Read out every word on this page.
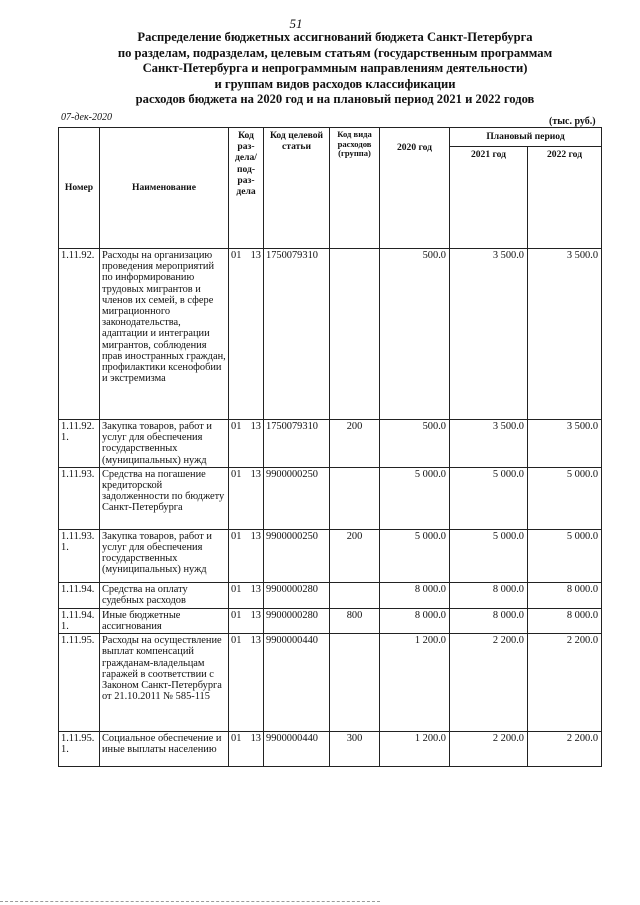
51
Распределение бюджетных ассигнований бюджета Санкт-Петербурга
по разделам, подразделам, целевым статьям (государственным программам
Санкт-Петербурга и непрограммным направлениям деятельности)
и группам видов расходов классификации
расходов бюджета на 2020 год и на плановый период 2021 и 2022 годов
07-дек-2020	(тыс. руб.)
Номер	Наименование	Код раз-дела/ под-раз-дела	Код целевой статьи	Код вида расходов (группа)	2020 год	Плановый период	
						2021 год	2022 год
1.11.92.	Расходы на организацию проведения мероприятий по информированию трудовых мигрантов и членов их семей, в сфере миграционного законодательства, адаптации и интеграции мигрантов, соблюдения прав иностранных граждан, профилактики ксенофобии и экстремизма	01 13	1750079310		500.0	3 500.0	3 500.0
1.11.92. 1.	Закупка товаров, работ и услуг для обеспечения государственных (муниципальных) нужд	01 13	1750079310	200	500.0	3 500.0	3 500.0
1.11.93.	Средства на погашение кредиторской задолженности по бюджету Санкт-Петербурга	01 13	9900000250		5 000.0	5 000.0	5 000.0
1.11.93. 1.	Закупка товаров, работ и услуг для обеспечения государственных (муниципальных) нужд	01 13	9900000250	200	5 000.0	5 000.0	5 000.0
1.11.94.	Средства на оплату судебных расходов	01 13	9900000280		8 000.0	8 000.0	8 000.0
1.11.94. 1.	Иные бюджетные ассигнования	01 13	9900000280	800	8 000.0	8 000.0	8 000.0
1.11.95.	Расходы на осуществление выплат компенсаций гражданам-владельцам гаражей в соответствии с Законом Санкт-Петербурга от 21.10.2011 № 585-115	01 13	9900000440		1 200.0	2 200.0	2 200.0
1.11.95. 1.	Социальное обеспечение и иные выплаты населению	01 13	9900000440	300	1 200.0	2 200.0	2 200.0
